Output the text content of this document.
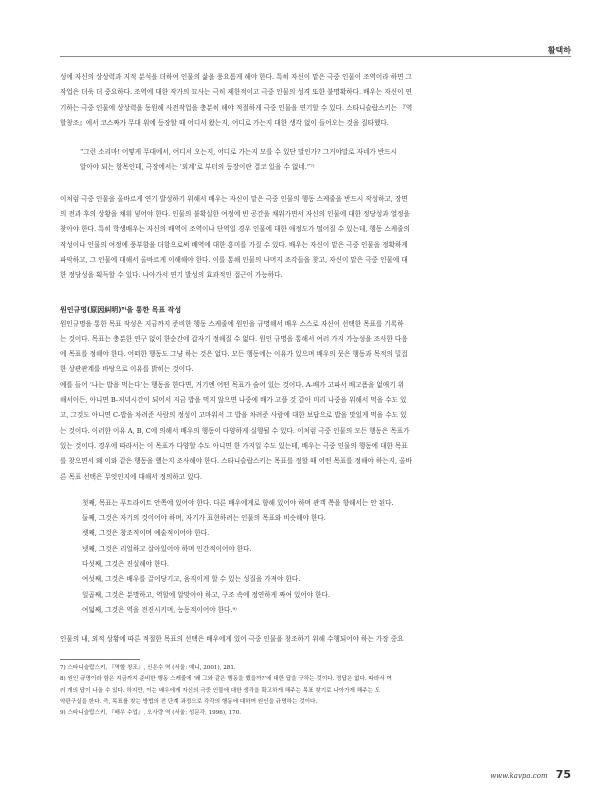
활택하

성에 자신의 상상력과 지적 분석을 더하여 인물의 삶을 풍요롭게 해야 한다. 특히 자신이 맡은 극중 인물이 조역이라 하면 그
작업은 더욱 더 중요하다. 조역에 대한 작가의 묘사는 극히 제한적이고 극중 인물의 성격 또한 불명확하다. 배우는 자신이 연
기하는 극중 인물에 상상력을 동원해 사전작업을 충분히 해야 적절하게 극중 인물을 연기할 수 있다. 스타니슬랍스키는 『역
할창조』에서 코스짜가 무대 위에 등장할 때 어디서 왔는지, 어디로 가는지 대한 생각 없이 들어오는 것을 질타했다.

“그런 소리마! 어떻게 무대에서, 어디서 오는지, 어디로 가는지 모를 수 있단 말인가? 그거야말로 자네가 반드시
알아야 되는 항목인데, 극장에서는 ‘외계’로 부터의 등장이란 결코 있을 수 없네.”⁷⁾

이처럼 극중 인물을 올바르게 연기 발성하기 위해서 배우는 자신이 맡은 극중 인물의 행동 스케줄을 반드시 작성하고, 장면
의 전과 후의 상황을 채워 넣어야 한다. 인물의 불확실한 여정에 빈 공간을 채워가면서 자신의 인물에 대한 정당성과 열정을
찾아야 한다. 특히 학생배우는 자신의 배역이 조역이나 단역일 경우 인물에 대한 애정도가 떨어질 수 있는데, 행동 스케줄의
작성이나 인물의 여정에 풍부함을 더함으로써 배역에 대한 흥미를 가질 수 있다. 배우는 자신이 맡은 극중 인물을 정확하게
파악하고, 그 인물에 대해서 올바르게 이해해야 한다. 이를 통해 인물의 나머지 조각들을 찾고, 자신이 맡은 극중 인물에 대
한 정당성을 획득할 수 있다. 나아가서 연기 발성의 효과적인 접근이 가능하다.

원인규명(原因糾明)⁸⁾을 통한 목표 작성

원인규명을 통한 목표 작성은 지금까지 준비한 행동 스케줄에 원인을 규명해서 배우 스스로 자신이 선택한 목표를 기록하
는 것이다. 목표는 충분한 연구 없이 한순간에 갑자기 정해질 수 없다. 원인 규명을 통해서 여러 가지 가능성을 조사한 다음
에 목표를 정해야 한다. 어떠한 행동도 그냥 하는 것은 없다. 모든 행동에는 이유가 있으며 배우의 뭇은 행동과 목적의 밀접
한 상관관계를 바탕으로 이유를 밝히는 것이다.

예를 들어 ‘나는 밥을 먹는다’는 행동을 한다면, 거기엔 어떤 목표가 숨어 있는 것이다. A-배가 고파서 배고픔을 없애기 위
해서이든, 아니면 B-저녁시간이 되어서 지금 밥을 먹지 않으면 나중에 배가 고플 것 같아 미리 나중을 위해서 먹을 수도 있
고, 그것도 아니면 C-밥을 차려준 사람의 정성이 고마워서 그 밥을 차려준 사람에 대한 보답으로 밥을 맛있게 먹을 수도 있
는 것이다. 이러한 이유 A, B, C에 의해서 배우의 행동이 다양하게 실행될 수 있다. 이처럼 극중 인물의 모든 행동은 목표가
있는 것이다. 경우에 따라서는 이 목표가 다양할 수도 아니면 한 가지일 수도 있는데, 배우는 극중 인물의 행동에 대한 목표
를 찾으면서 왜 이와 같은 행동을 했는지 조사해야 한다. 스타니슬랍스키는 목표를 정할 때 어떤 목표를 정해야 하는지, 올바
른 목표 선택은 무엇인지에 대해서 정의하고 있다.

첫째, 목표는 푸트라이트 안쪽에 있어야 한다. 다른 배우에게로 향해 있어야 하며 관객 쪽을 향해서는 안 된다.
둘째, 그것은 자기의 것이어야 하며, 자기가 표현하려는 인물의 목표와 비슷해야 한다.
셋째, 그것은 창조적이며 예술적이어야 한다.
넷째, 그것은 리얼하고 살아있어야 하며 인간적이어야 한다.
다섯째, 그것은 진실해야 한다.
여섯째, 그것은 배우를 끌어당기고, 움직이게 할 수 있는 성질을 가져야 한다.
일곱째, 그것은 분명하고, 역할에 알맞아야 하고, 구조 속에 정연하게 짜여 있어야 한다.
여덟째, 그것은 역을 전진시키며, 능동적이어야 한다.⁹⁾

인물의 내, 외적 상황에 따른 적절한 목표의 선택은 배우에게 있어 극중 인물을 창조하기 위해 수행되어야 하는 가장 중요

7) 스타니슬랍스키, 『역할 창조』, 신은수 역 (서울: 예니, 2001), 281.

8) 원인 규명이라 함은 지금까지 준비한 행동 스케줄에 '왜 그와 같은 행동을 했을까?'에 대한 답을 구하는 것이다. 정답은 없다. 따라서 여
러 개의 답이 나올 수 있다. 하지만, 이는 배우에게 자신의 극중 인물에 대한 생각을 확고하게 해주는 목표 찾기로 나아가게 해주는 도
약판구실을 한다. 즉, 목표를 찾는 방법의 전 단계 과정으로 각각의 행동에 대하여 원인을 규명하는 것이다.

9) 스타니슬랍스키, 『배우 수업』, 오사량 역 (서울: 성문각, 1996), 170.

www.kavpa.com 75
